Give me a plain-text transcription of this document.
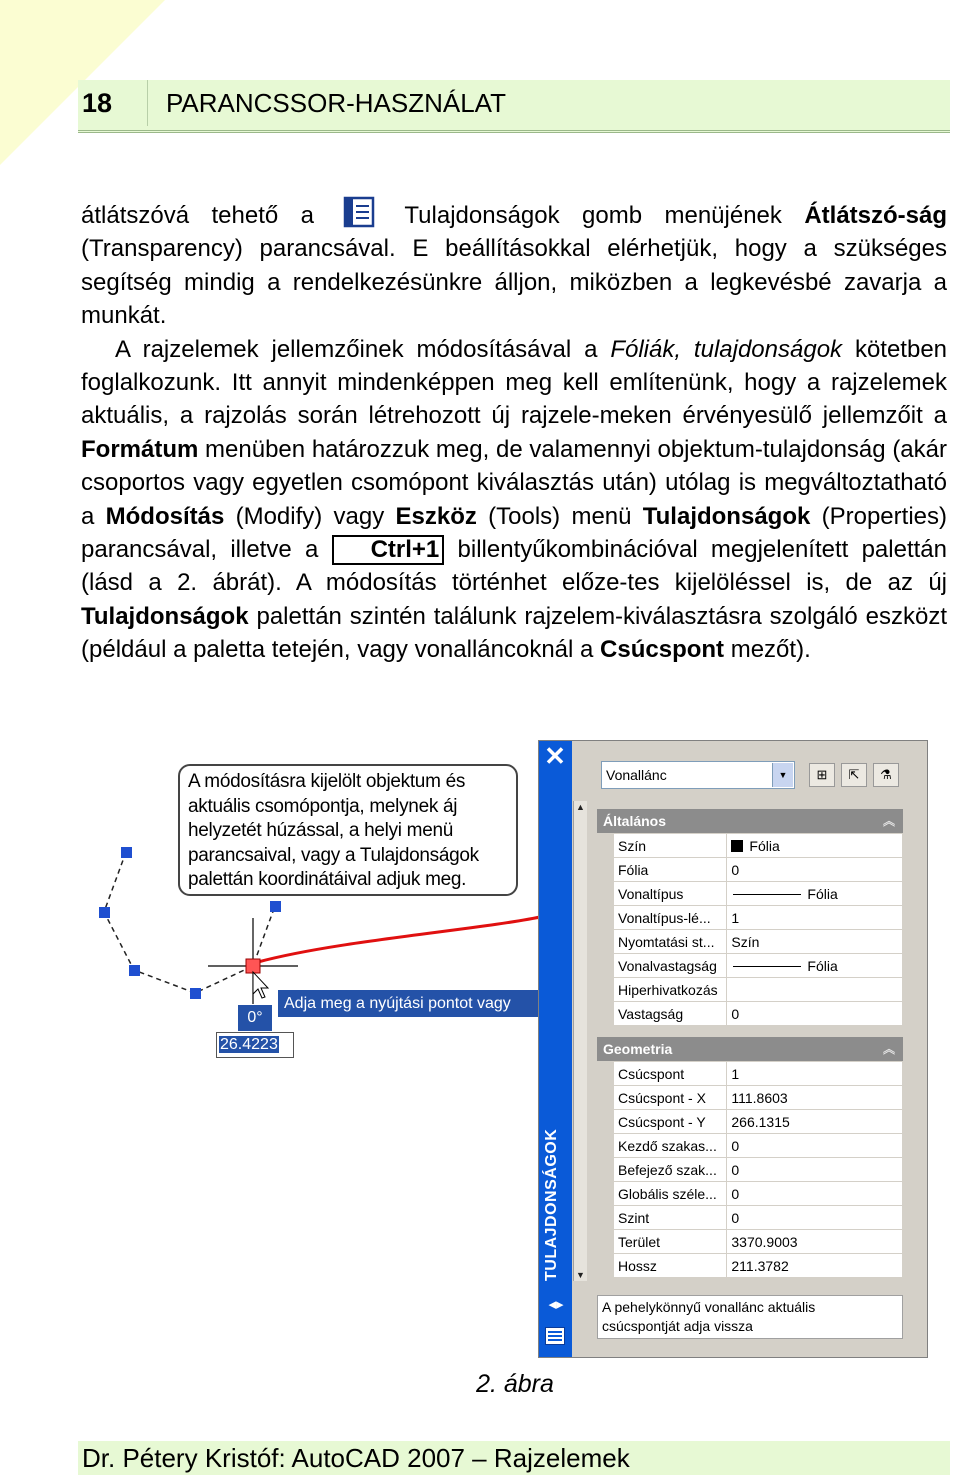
18	PARANCSSOR-HASZNÁLAT

átlátszóvá tehető a  Tulajdonságok gomb menüjének Átlátszó-ság (Transparency) parancsával. E beállításokkal elérhetjük, hogy a szükséges segítség mindig a rendelkezésünkre álljon, miközben a legkevésbé zavarja a munkát.

A rajzelemek jellemzőinek módosításával a Fóliák, tulajdonságok kötetben foglalkozunk. Itt annyit mindenképpen meg kell említenünk, hogy a rajzelemek aktuális, a rajzolás során létrehozott új rajzele-meken érvényesülő jellemzőit a Formátum menüben határozzuk meg, de valamennyi objektum-tulajdonság (akár csoportos vagy egyetlen csomópont kiválasztás után) utólag is megváltoztatható a Módosítás (Modify) vagy Eszköz (Tools) menü Tulajdonságok (Properties) parancsával, illetve a Ctrl+1 billentyűkombinációval megjelenített palettán (lásd a 2. ábrát). A módosítás történhet előze-tes kijelöléssel is, de az új Tulajdonságok palettán szintén találunk rajzelem-kiválasztásra szolgáló eszközt (például a paletta tetején, vagy vonalláncoknál a Csúcspont mezőt).

A módosításra kijelölt objektum és
aktuális csomópontja, melynek áj
helyzetét húzással, a helyi menü
parancsaival, vagy a Tulajdonságok
palettán koordinátáival adjuk meg.
Adja meg a nyújtási pontot vagy
0°
26.4223
✕
TULAJDONSÁGOK
◂▸
▲
▼
Vonallánc	▼	⊞	⇱	⚗
Általános	︽
Szín	Fólia
Fólia	0
Vonaltípus	Fólia
Vonaltípus-lé...	1
Nyomtatási st...	Szín
Vonalvastagság	Fólia
Hiperhivatkozás	
Vastagság	0
Geometria	︽
Csúcspont	1
Csúcspont - X	111.8603
Csúcspont - Y	266.1315
Kezdő szakas...	0
Befejező szak...	0
Globális széle...	0
Szint	0
Terület	3370.9003
Hossz	211.3782
A pehelykönnyű vonallánc aktuális
csúcspontját adja vissza
2. ábra
Dr. Pétery Kristóf: AutoCAD 2007 – Rajzelemek
